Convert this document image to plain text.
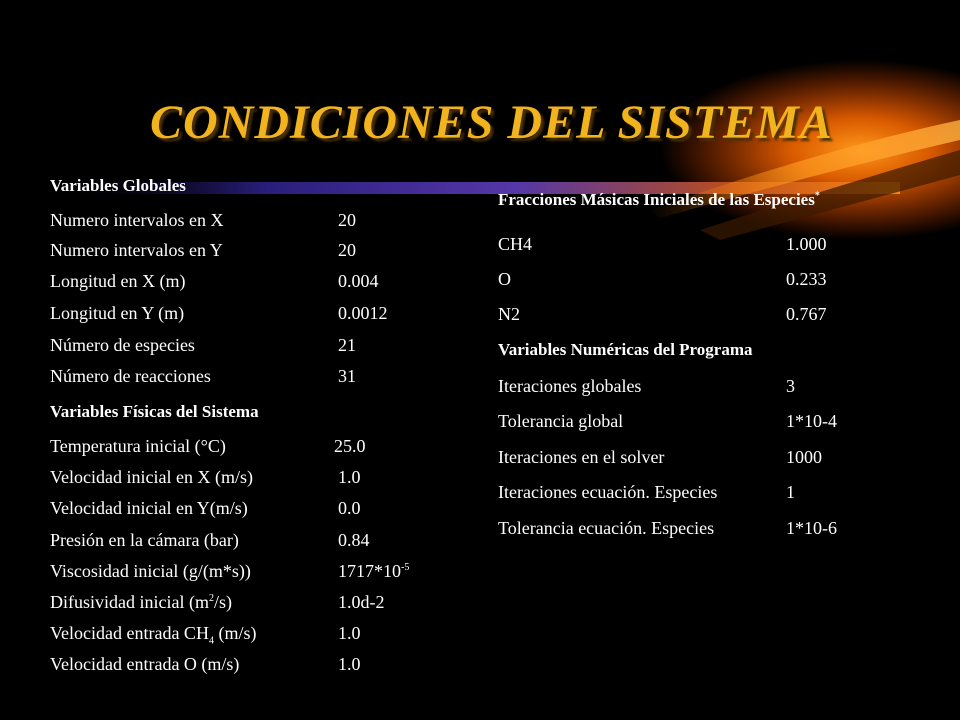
CONDICIONES DEL SISTEMA
Variables Globales
Numero intervalos en X	20
Numero intervalos en Y	20
Longitud en X (m)	0.004
Longitud en Y (m)	0.0012
Número de especies	21
Número de reacciones	31
Variables Físicas del Sistema
Temperatura inicial (°C)	25.0
Velocidad inicial en X (m/s)	1.0
Velocidad inicial en Y(m/s)	0.0
Presión en la cámara (bar)	0.84
Viscosidad inicial (g/(m*s))	$1717*10^{-5}$
Difusividad inicial $(m^2/s)$	1.0d-2
Velocidad entrada $CH_4$ (m/s)	1.0
Velocidad entrada O (m/s)	1.0
Fracciones Másicas Iniciales de las Especies*
CH4	1.000
O	0.233
N2	0.767
Variables Numéricas del Programa
Iteraciones globales	3
Tolerancia global	1*10-4
Iteraciones en el solver	1000
Iteraciones ecuación. Especies	1
Tolerancia ecuación. Especies	1*10-6
